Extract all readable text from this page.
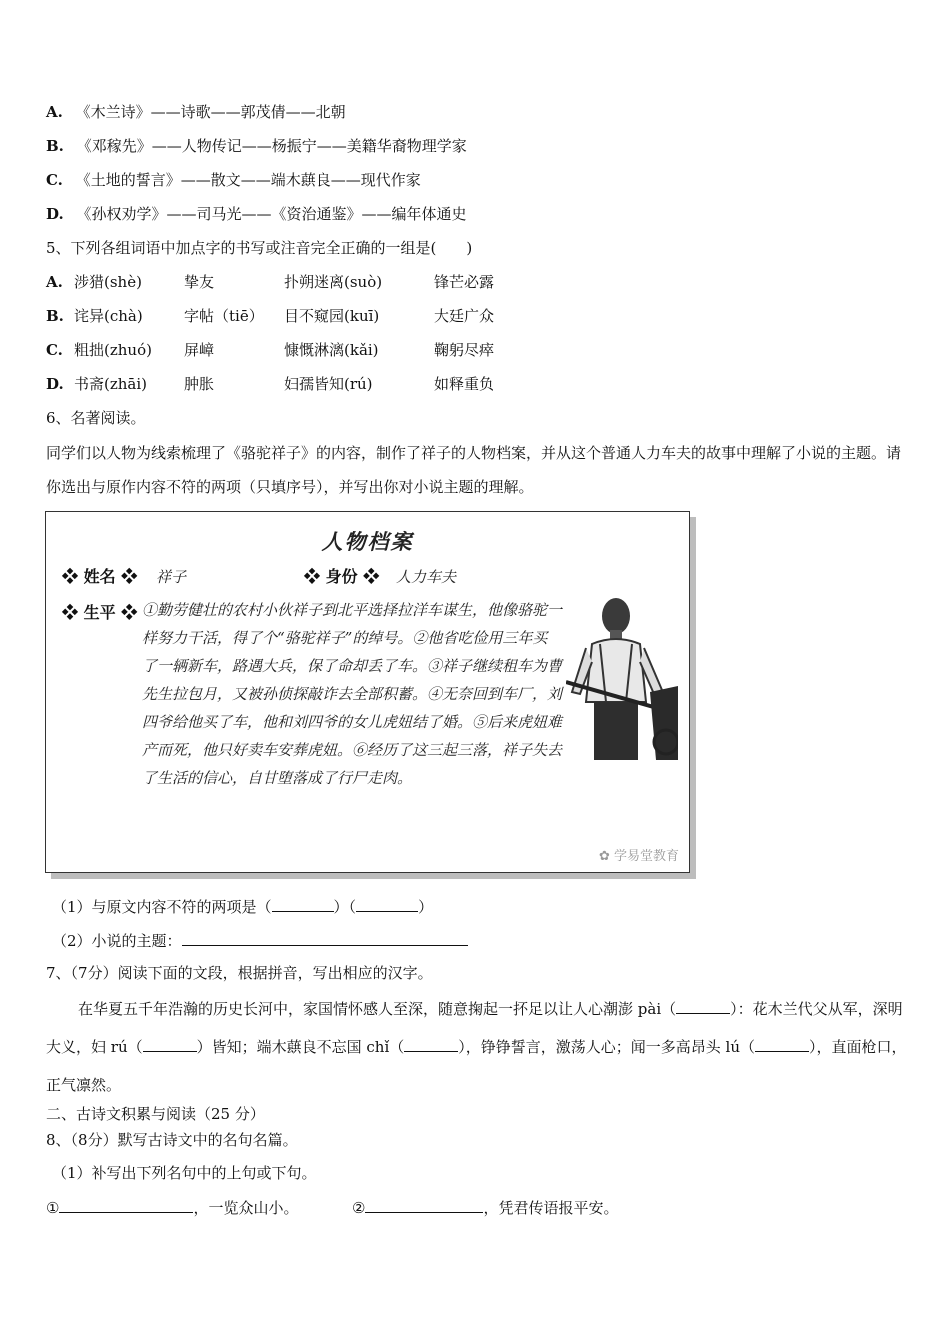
A. 《木兰诗》——诗歌——郭茂倩——北朝
B. 《邓稼先》——人物传记——杨振宁——美籍华裔物理学家
C. 《土地的誓言》——散文——端木蕻良——现代作家
D. 《孙权劝学》——司马光——《资治通鉴》——编年体通史
5、下列各组词语中加点字的书写或注音完全正确的一组是(　　)
A. 涉猎(shè)	挚友	扑朔迷离(suò)	锋芒必露
B. 诧异(chà)	字帖（tiē） 目不窥园(kuī)	大廷广众
C. 粗拙(zhuó) 屏嶂	慷慨淋漓(kǎi)	鞠躬尽瘁
D. 书斋(zhāi) 肿胀	妇孺皆知(rú)	如释重负
6、名著阅读。
同学们以人物为线索梳理了《骆驼祥子》的内容，制作了祥子的人物档案，并从这个普通人力车夫的故事中理解了小说的主题。请你选出与原作内容不符的两项（只填序号），并写出你对小说主题的理解。
人物档案
❖ 姓名 ❖ 祥子	❖ 身份 ❖ 人力车夫
❖ 生平 ❖ ①勤劳健壮的农村小伙祥子到北平选择拉洋车谋生，他像骆驼一样努力干活，得了个“骆驼祥子”的绰号。②他省吃俭用三年买了一辆新车，路遇大兵，保了命却丢了车。③祥子继续租车为曹先生拉包月，又被孙侦探敲诈去全部积蓄。④无奈回到车厂，刘四爷给他买了车，他和刘四爷的女儿虎妞结了婚。⑤后来虎妞难产而死，他只好卖车安葬虎妞。⑥经历了这三起三落，祥子失去了生活的信心，自甘堕落成了行尸走肉。
✿ 学易堂教育
（1）与原文内容不符的两项是（	）（	）
（2）小说的主题：
7、（7分）阅读下面的文段，根据拼音，写出相应的汉字。
在华夏五千年浩瀚的历史长河中，家国情怀感人至深，随意掬起一抔足以让人心潮澎 pài（	）：花木兰代父从军，深明大义，妇 rú（	）皆知；端木蕻良不忘国 chǐ（	），铮铮誓言，激荡人心；闻一多高昂头 lú（	），直面枪口，正气凛然。
二、古诗文积累与阅读（25 分）
8、（8分）默写古诗文中的名句名篇。
（1）补写出下列名句中的上句或下句。
①	，一览众山小。	②	，凭君传语报平安。
